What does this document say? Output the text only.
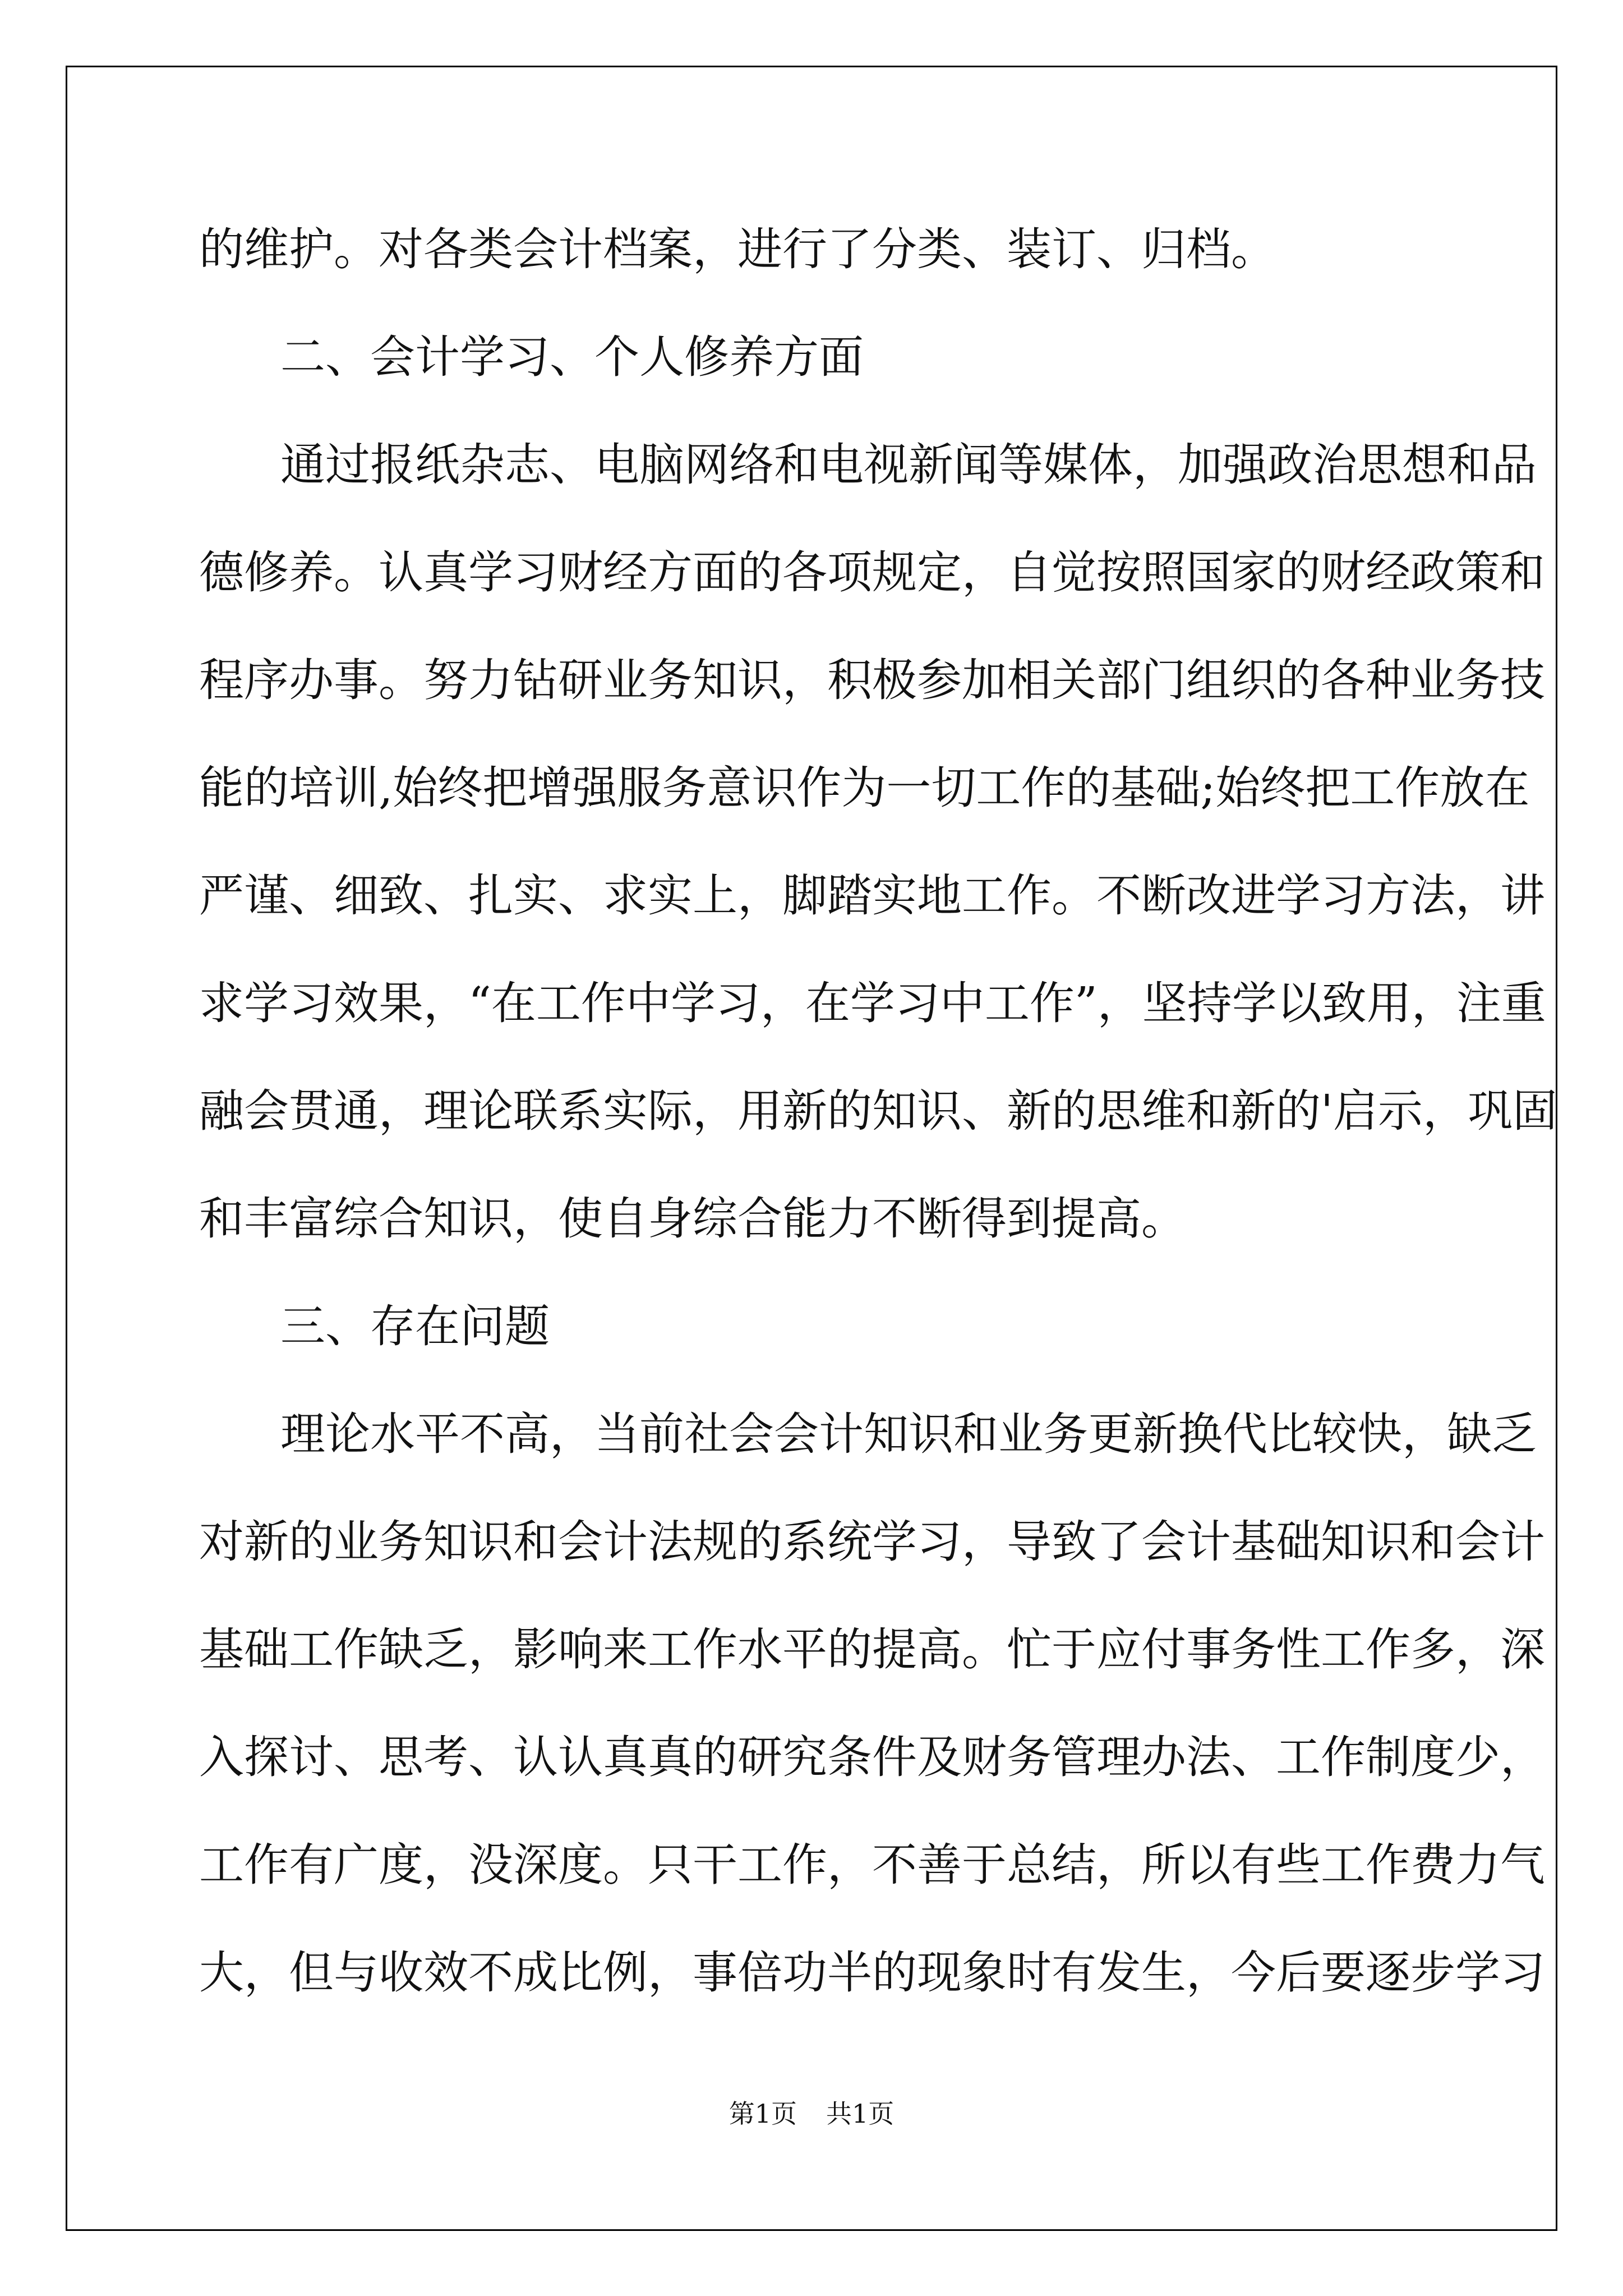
的维护。对各类会计档案，进行了分类、装订、归档。

二、会计学习、个人修养方面

通过报纸杂志、电脑网络和电视新闻等媒体，加强政治思想和品

德修养。认真学习财经方面的各项规定，自觉按照国家的财经政策和

程序办事。努力钻研业务知识，积极参加相关部门组织的各种业务技

能的培训,始终把增强服务意识作为一切工作的基础;始终把工作放在

严谨、细致、扎实、求实上，脚踏实地工作。不断改进学习方法，讲

求学习效果，“在工作中学习，在学习中工作”，坚持学以致用，注重

融会贯通，理论联系实际，用新的知识、新的思维和新的'启示，巩固

和丰富综合知识，使自身综合能力不断得到提高。

三、存在问题

理论水平不高，当前社会会计知识和业务更新换代比较快，缺乏

对新的业务知识和会计法规的系统学习，导致了会计基础知识和会计

基础工作缺乏，影响来工作水平的提高。忙于应付事务性工作多，深

入探讨、思考、认认真真的研究条件及财务管理办法、工作制度少，

工作有广度，没深度。只干工作，不善于总结，所以有些工作费力气

大，但与收效不成比例，事倍功半的现象时有发生，今后要逐步学习

第1页 共1页
